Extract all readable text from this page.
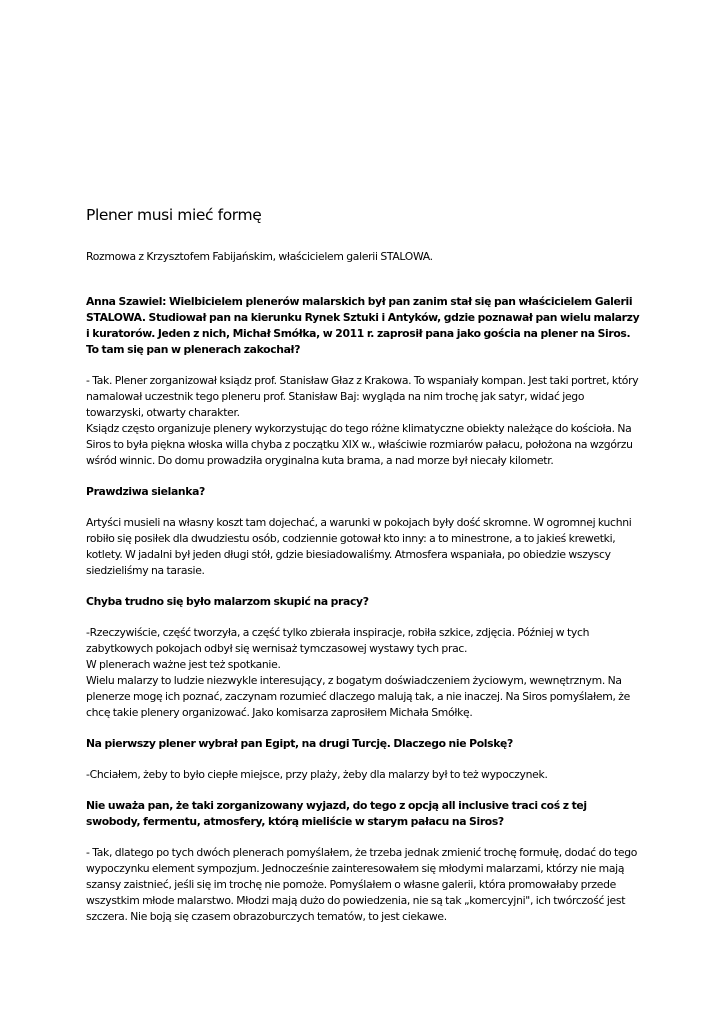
Plener musi mieć formę

Rozmowa z Krzysztofem Fabijańskim, właścicielem galerii STALOWA.

Anna Szawiel: Wielbicielem plenerów malarskich był pan zanim stał się pan właścicielem Galerii STALOWA. Studiował pan na kierunku Rynek Sztuki i Antyków, gdzie poznawał pan wielu malarzy i kuratorów. Jeden z nich, Michał Smółka, w 2011 r. zaprosił pana jako gościa na plener na Siros. To tam się pan w plenerach zakochał?

- Tak. Plener zorganizował ksiądz prof. Stanisław Głaz z Krakowa. To wspaniały kompan. Jest taki portret, który namalował uczestnik tego pleneru prof. Stanisław Baj: wygląda na nim trochę jak satyr, widać jego towarzyski, otwarty charakter.
Ksiądz często organizuje plenery wykorzystując do tego różne klimatyczne obiekty należące do kościoła. Na Siros to była piękna włoska willa chyba z początku XIX w., właściwie rozmiarów pałacu, położona na wzgórzu wśród winnic. Do domu prowadziła oryginalna kuta brama, a nad morze był niecały kilometr.

Prawdziwa sielanka?

Artyści musieli na własny koszt tam dojechać, a warunki w pokojach były dość skromne. W ogromnej kuchni robiło się posiłek dla dwudziestu osób, codziennie gotował kto inny: a to minestrone, a to jakieś krewetki, kotlety. W jadalni był jeden długi stół, gdzie biesiadowaliśmy. Atmosfera wspaniała, po obiedzie wszyscy siedzieliśmy na tarasie.

Chyba trudno się było malarzom skupić na pracy?

-Rzeczywiście, część tworzyła, a część tylko zbierała inspiracje, robiła szkice, zdjęcia. Później w tych zabytkowych pokojach odbył się wernisaż tymczasowej wystawy tych prac.
W plenerach ważne jest też spotkanie.
Wielu malarzy to ludzie niezwykle interesujący, z bogatym doświadczeniem życiowym, wewnętrznym. Na plenerze mogę ich poznać, zaczynam rozumieć dlaczego malują tak, a nie inaczej. Na Siros pomyślałem, że chcę takie plenery organizować. Jako komisarza zaprosiłem Michała Smółkę.

Na pierwszy plener wybrał pan Egipt, na drugi Turcję. Dlaczego nie Polskę?

-Chciałem, żeby to było ciepłe miejsce, przy plaży, żeby dla malarzy był to też wypoczynek.

Nie uważa pan, że taki zorganizowany wyjazd, do tego z opcją all inclusive traci coś z tej swobody, fermentu, atmosfery, którą mieliście w starym pałacu na Siros?

- Tak, dlatego po tych dwóch plenerach pomyślałem, że trzeba jednak zmienić trochę formułę, dodać do tego wypoczynku element sympozjum. Jednocześnie zainteresowałem się młodymi malarzami, którzy nie mają szansy zaistnieć, jeśli się im trochę nie pomoże. Pomyślałem o własne galerii, która promowałaby przede wszystkim młode malarstwo. Młodzi mają dużo do powiedzenia, nie są tak „komercyjni", ich twórczość jest szczera. Nie boją się czasem obrazoburczych tematów, to jest ciekawe.
